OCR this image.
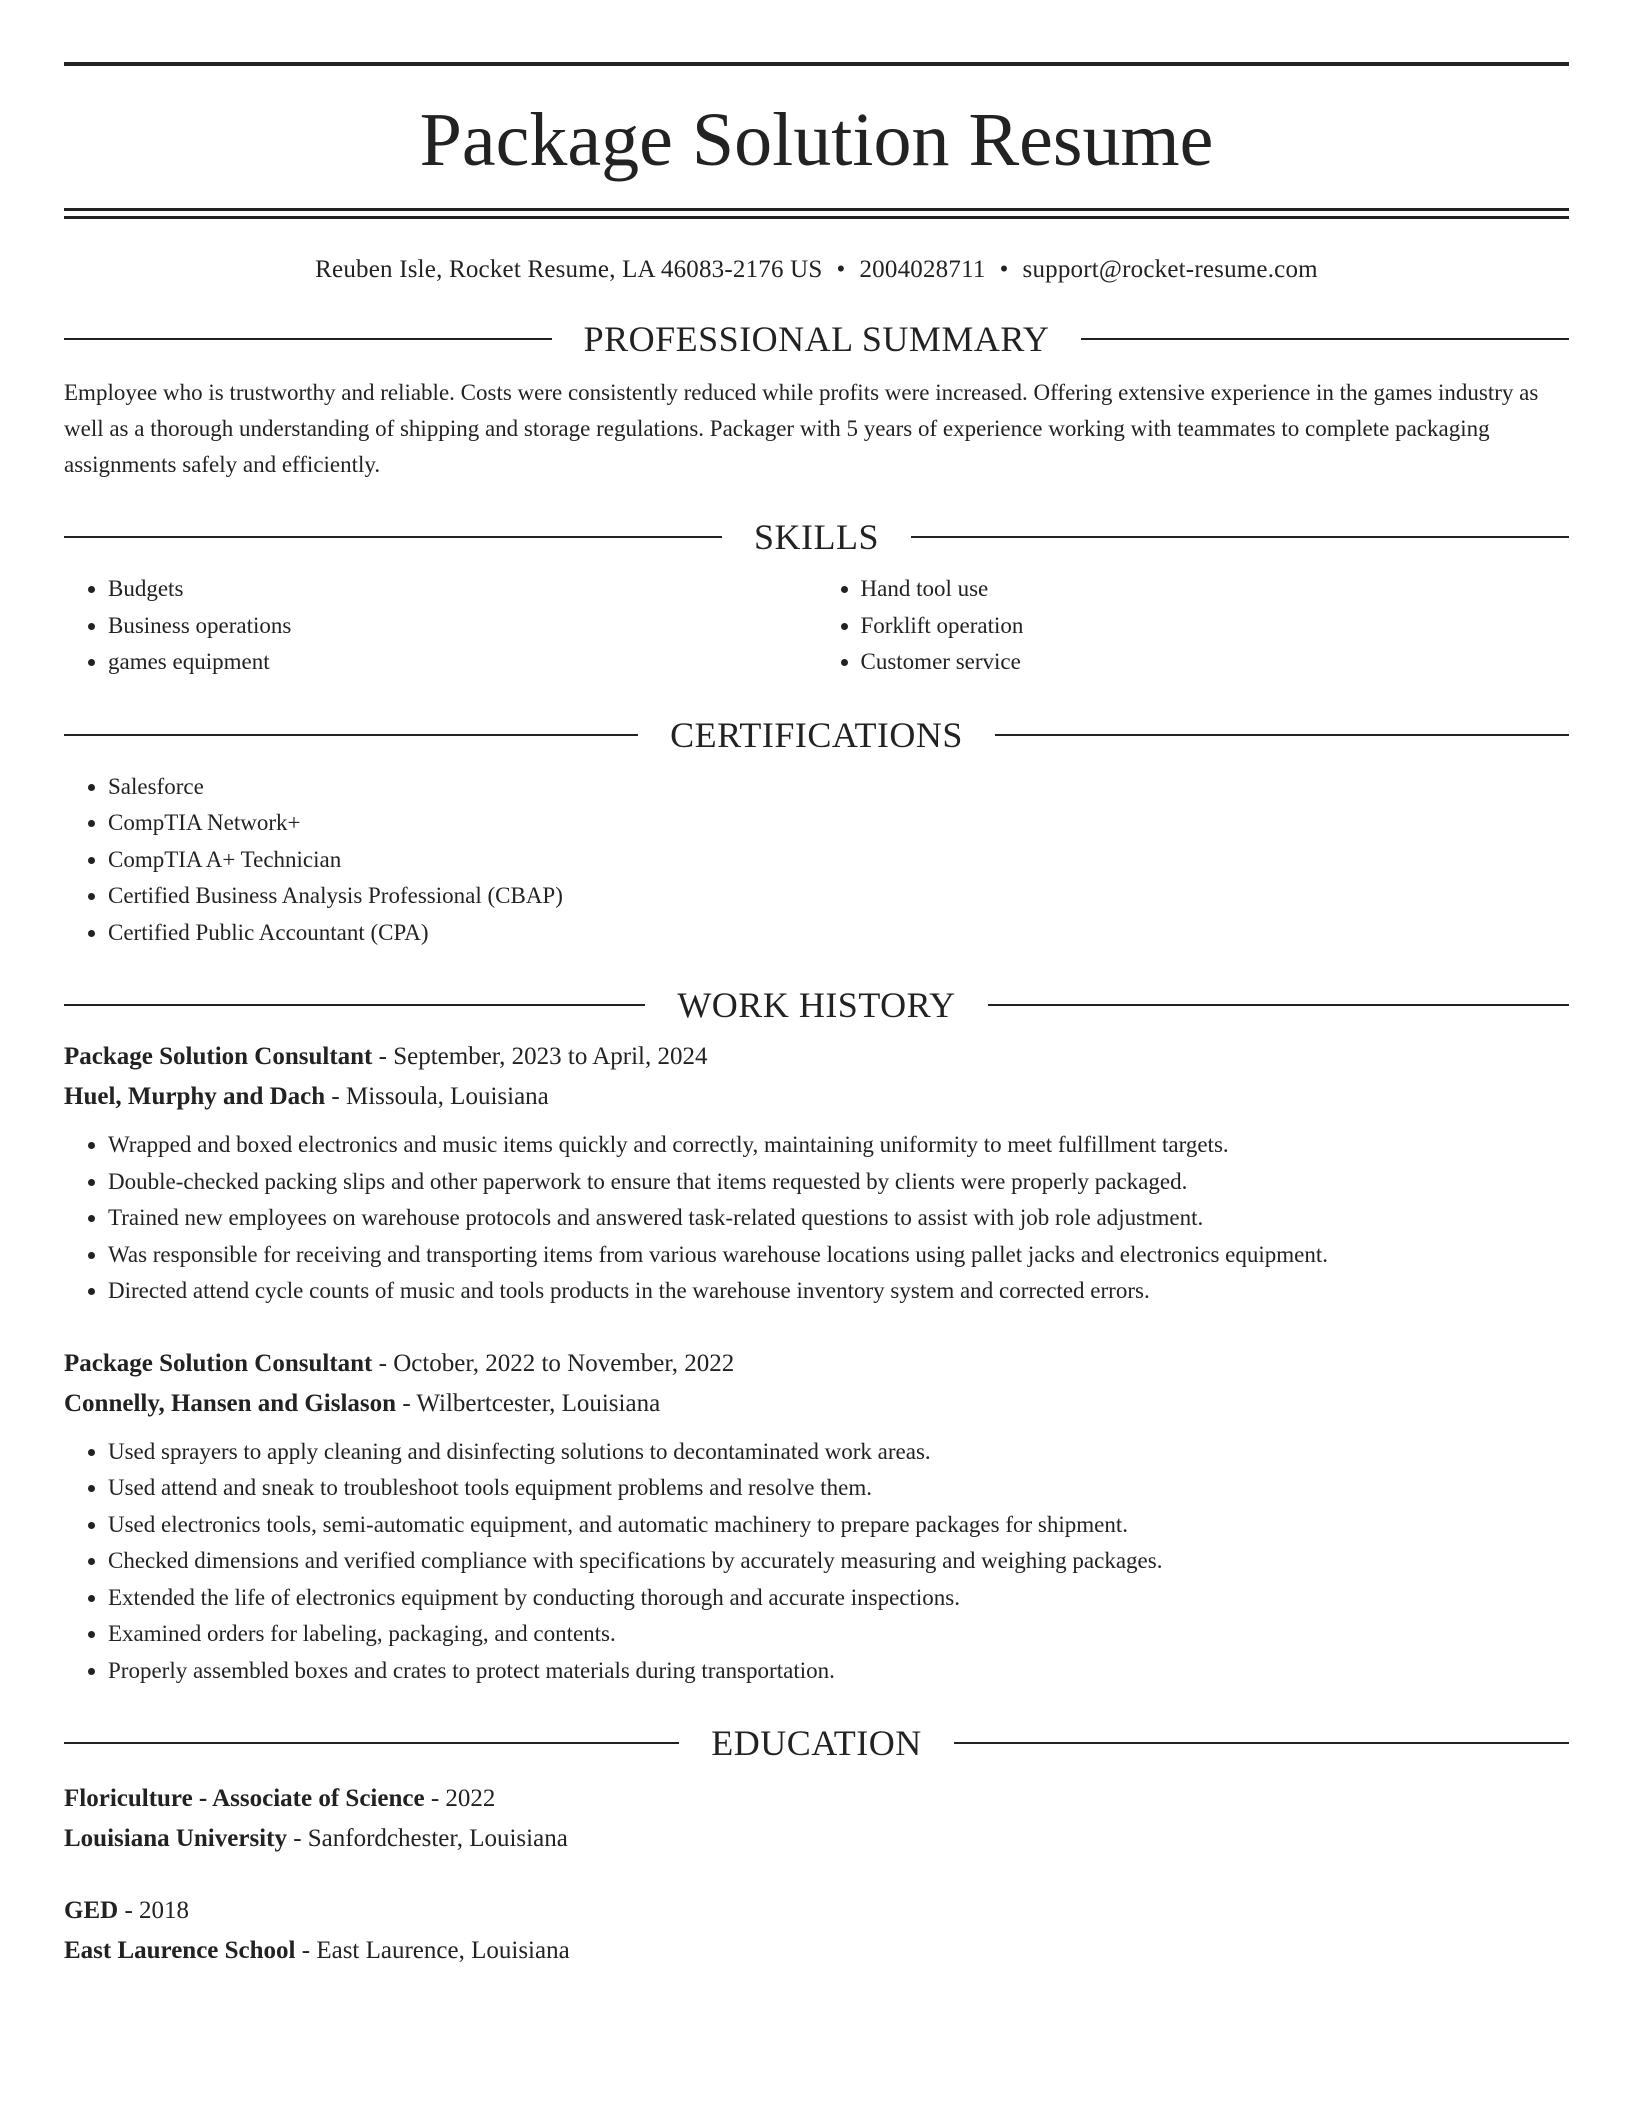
Package Solution Resume
Reuben Isle, Rocket Resume, LA 46083-2176 US • 2004028711 • support@rocket-resume.com
PROFESSIONAL SUMMARY
Employee who is trustworthy and reliable. Costs were consistently reduced while profits were increased. Offering extensive experience in the games industry as well as a thorough understanding of shipping and storage regulations. Packager with 5 years of experience working with teammates to complete packaging assignments safely and efficiently.
SKILLS
• Budgets
• Business operations
• games equipment
• Hand tool use
• Forklift operation
• Customer service
CERTIFICATIONS
• Salesforce
• CompTIA Network+
• CompTIA A+ Technician
• Certified Business Analysis Professional (CBAP)
• Certified Public Accountant (CPA)
WORK HISTORY
Package Solution Consultant - September, 2023 to April, 2024
Huel, Murphy and Dach - Missoula, Louisiana
• Wrapped and boxed electronics and music items quickly and correctly, maintaining uniformity to meet fulfillment targets.
• Double-checked packing slips and other paperwork to ensure that items requested by clients were properly packaged.
• Trained new employees on warehouse protocols and answered task-related questions to assist with job role adjustment.
• Was responsible for receiving and transporting items from various warehouse locations using pallet jacks and electronics equipment.
• Directed attend cycle counts of music and tools products in the warehouse inventory system and corrected errors.
Package Solution Consultant - October, 2022 to November, 2022
Connelly, Hansen and Gislason - Wilbertcester, Louisiana
• Used sprayers to apply cleaning and disinfecting solutions to decontaminated work areas.
• Used attend and sneak to troubleshoot tools equipment problems and resolve them.
• Used electronics tools, semi-automatic equipment, and automatic machinery to prepare packages for shipment.
• Checked dimensions and verified compliance with specifications by accurately measuring and weighing packages.
• Extended the life of electronics equipment by conducting thorough and accurate inspections.
• Examined orders for labeling, packaging, and contents.
• Properly assembled boxes and crates to protect materials during transportation.
EDUCATION
Floriculture - Associate of Science - 2022
Louisiana University - Sanfordchester, Louisiana
GED - 2018
East Laurence School - East Laurence, Louisiana
